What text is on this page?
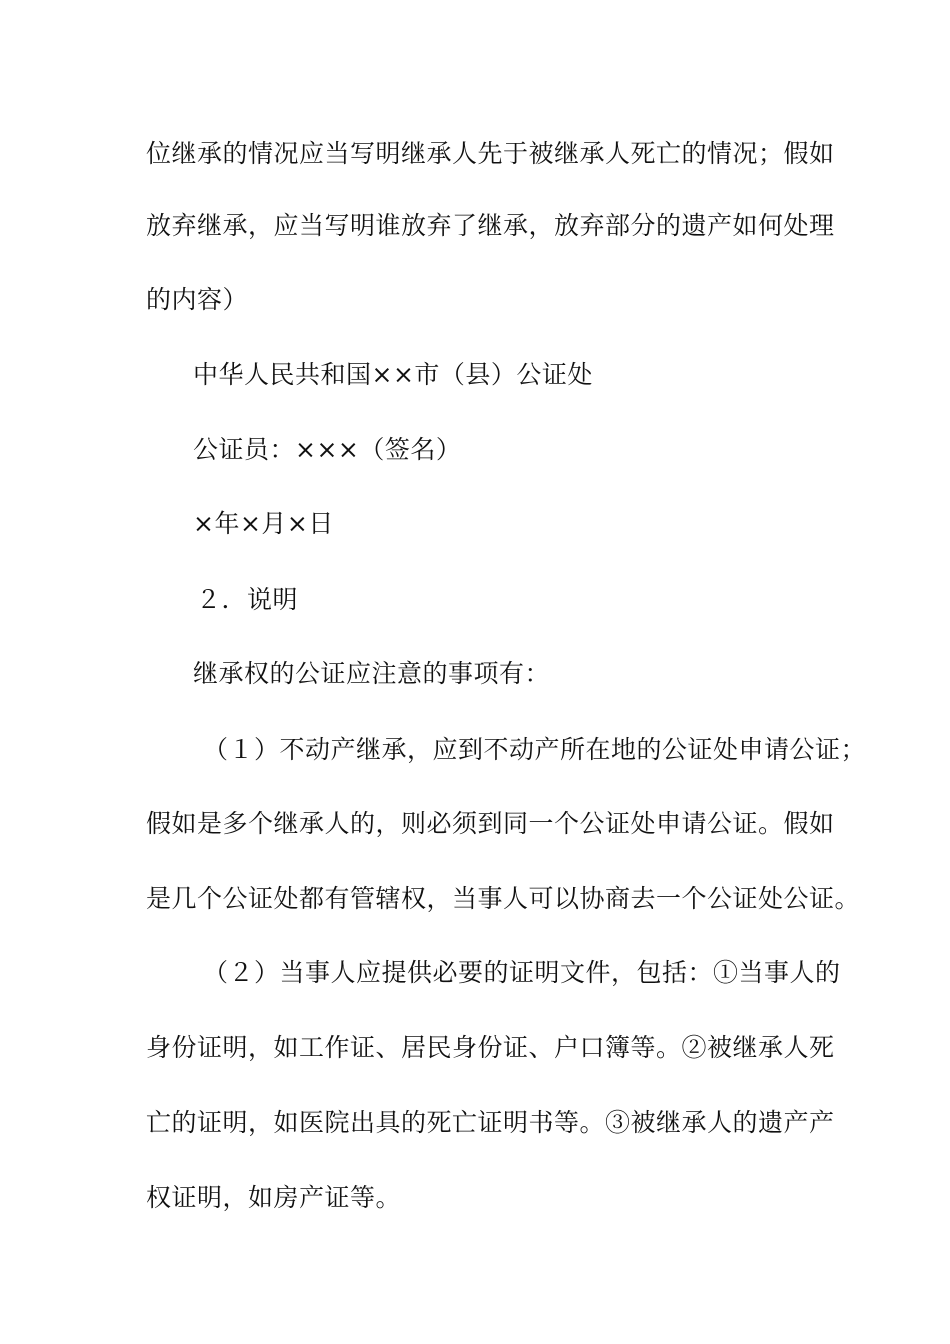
位继承的情况应当写明继承人先于被继承人死亡的情况；假如
放弃继承，应当写明谁放弃了继承，放弃部分的遗产如何处理
的内容）
中华人民共和国××市（县）公证处
公证员：×××（签名）
×年×月×日
２．说明
继承权的公证应注意的事项有：
（１）不动产继承，应到不动产所在地的公证处申请公证；
假如是多个继承人的，则必须到同一个公证处申请公证。假如
是几个公证处都有管辖权，当事人可以协商去一个公证处公证。
（２）当事人应提供必要的证明文件，包括：①当事人的
身份证明，如工作证、居民身份证、户口簿等。②被继承人死
亡的证明，如医院出具的死亡证明书等。③被继承人的遗产产
权证明，如房产证等。
